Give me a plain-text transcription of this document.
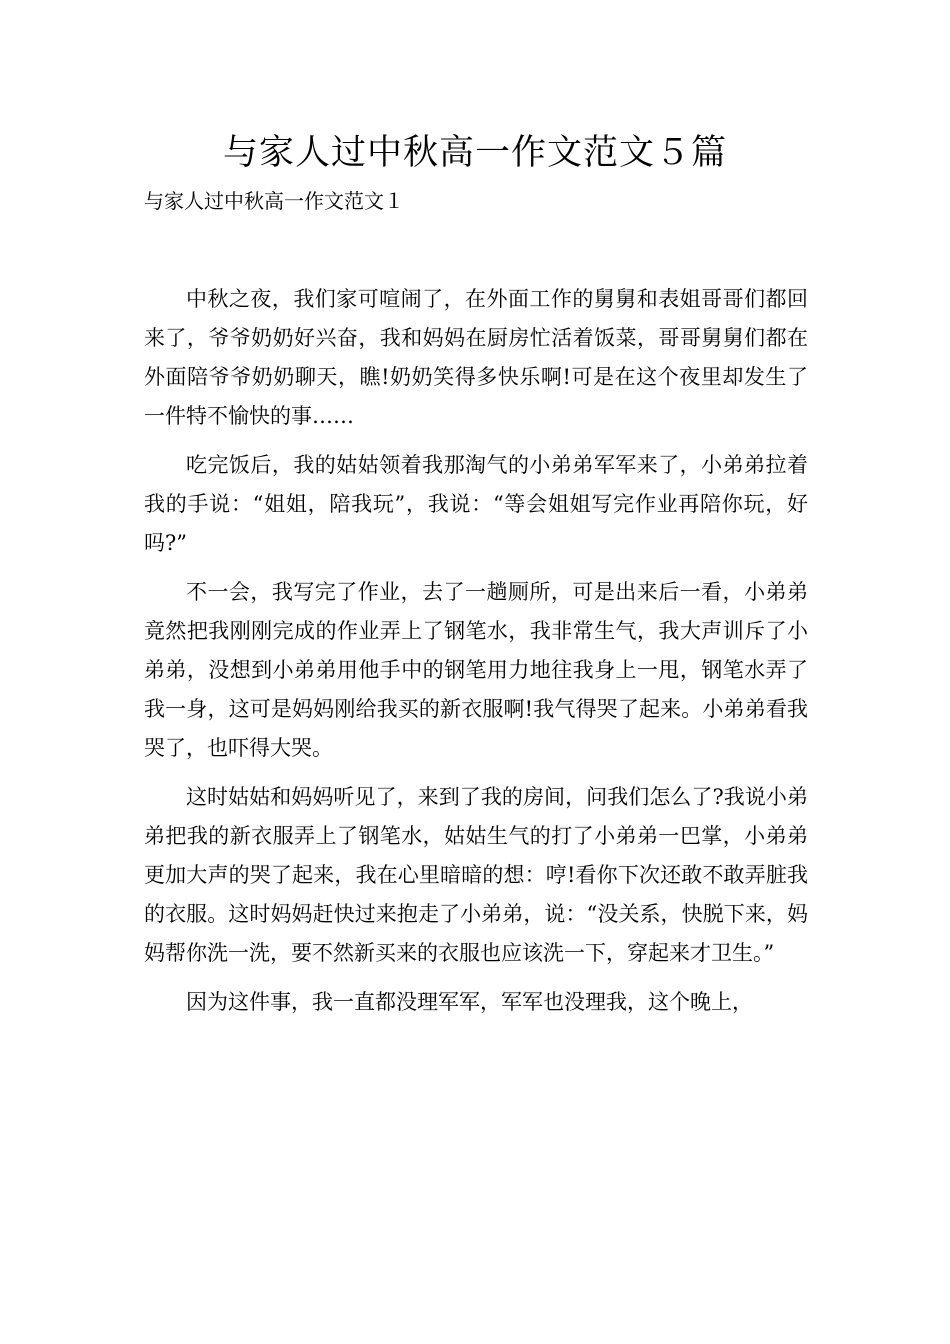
与家人过中秋高一作文范文５篇
与家人过中秋高一作文范文１

中秋之夜，我们家可喧闹了，在外面工作的舅舅和表姐哥哥们都回来了，爷爷奶奶好兴奋，我和妈妈在厨房忙活着饭菜，哥哥舅舅们都在外面陪爷爷奶奶聊天，瞧!奶奶笑得多快乐啊!可是在这个夜里却发生了一件特不愉快的事……

吃完饭后，我的姑姑领着我那淘气的小弟弟军军来了，小弟弟拉着我的手说：“姐姐，陪我玩”，我说：“等会姐姐写完作业再陪你玩，好吗?”

不一会，我写完了作业，去了一趟厕所，可是出来后一看，小弟弟竟然把我刚刚完成的作业弄上了钢笔水，我非常生气，我大声训斥了小弟弟，没想到小弟弟用他手中的钢笔用力地往我身上一甩，钢笔水弄了我一身，这可是妈妈刚给我买的新衣服啊!我气得哭了起来。小弟弟看我哭了，也吓得大哭。

这时姑姑和妈妈听见了，来到了我的房间，问我们怎么了?我说小弟弟把我的新衣服弄上了钢笔水，姑姑生气的打了小弟弟一巴掌，小弟弟更加大声的哭了起来，我在心里暗暗的想：哼!看你下次还敢不敢弄脏我的衣服。这时妈妈赶快过来抱走了小弟弟，说：“没关系，快脱下来，妈妈帮你洗一洗，要不然新买来的衣服也应该洗一下，穿起来才卫生。”

因为这件事，我一直都没理军军，军军也没理我，这个晚上，
